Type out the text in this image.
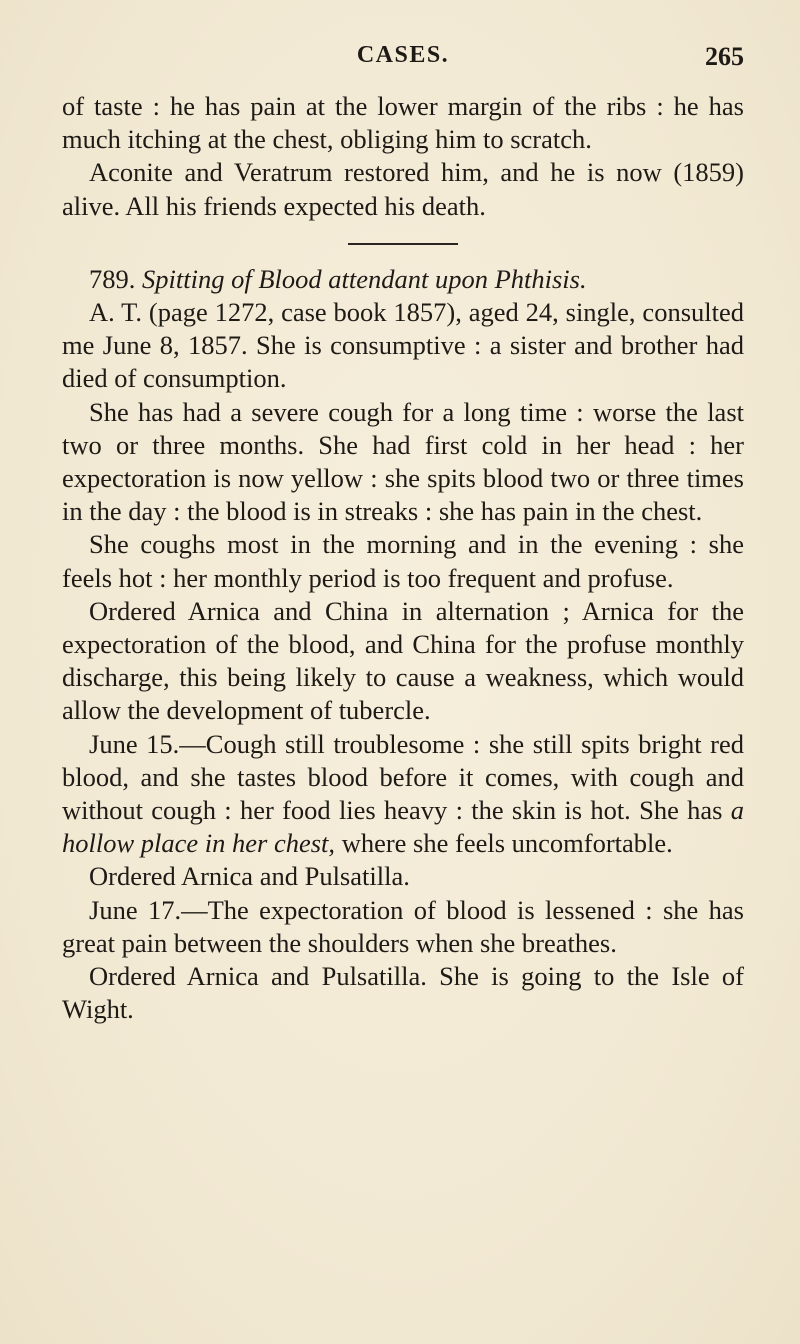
CASES.	265

of taste : he has pain at the lower margin of the ribs : he has much itching at the chest, obliging him to scratch.

Aconite and Veratrum restored him, and he is now (1859) alive. All his friends expected his death.

789. Spitting of Blood attendant upon Phthisis.

A. T. (page 1272, case book 1857), aged 24, single, consulted me June 8, 1857. She is consumptive : a sister and brother had died of consumption.

She has had a severe cough for a long time : worse the last two or three months. She had first cold in her head : her expectoration is now yellow : she spits blood two or three times in the day : the blood is in streaks : she has pain in the chest.

She coughs most in the morning and in the evening : she feels hot : her monthly period is too frequent and profuse.

Ordered Arnica and China in alternation ; Arnica for the expectoration of the blood, and China for the profuse monthly discharge, this being likely to cause a weakness, which would allow the development of tubercle.

June 15.—Cough still troublesome : she still spits bright red blood, and she tastes blood before it comes, with cough and without cough : her food lies heavy : the skin is hot. She has a hollow place in her chest, where she feels uncomfortable.

Ordered Arnica and Pulsatilla.

June 17.—The expectoration of blood is lessened : she has great pain between the shoulders when she breathes.

Ordered Arnica and Pulsatilla. She is going to the Isle of Wight.
